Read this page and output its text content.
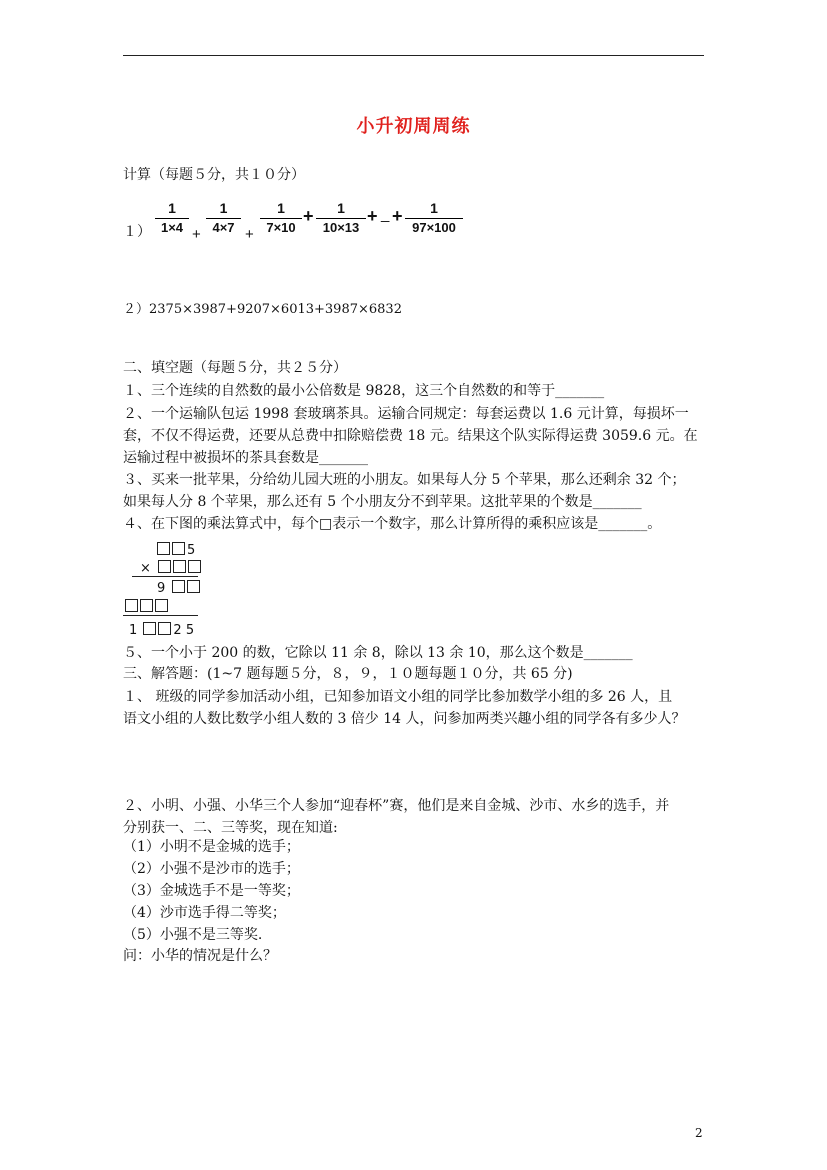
小升初周周练
计算（每题５分，共１０分）
１）
1
1×4 +
1
4×7 +
1
7×10
+	1
10×13
+ _ +	1
97×100
２）2375×3987+9207×6013+3987×6832
二、填空题（每题５分，共２５分）
１、三个连续的自然数的最小公倍数是 9828，这三个自然数的和等于_______
２、一个运输队包运 1998 套玻璃茶具。运输合同规定：每套运费以 1.6 元计算，每损坏一
套，不仅不得运费，还要从总费中扣除赔偿费 18 元。结果这个队实际得运费 3059.6 元。在
运输过程中被损坏的茶具套数是_______
３、买来一批苹果，分给幼儿园大班的小朋友。如果每人分 5 个苹果，那么还剩余 32 个；
如果每人分 8 个苹果，那么还有 5 个小朋友分不到苹果。这批苹果的个数是_______
４、在下图的乘法算式中，每个□表示一个数字，那么计算所得的乘积应该是_______。
5
×
9
1	2 5
５、一个小于 200 的数，它除以 11 余 8，除以 13 余 10，那么这个数是_______
三、解答题：(1~7 题每题５分，８，９，１０题每题１０分，共 65 分)
１、 班级的同学参加活动小组，已知参加语文小组的同学比参加数学小组的多 26 人，且
语文小组的人数比数学小组人数的 3 倍少 14 人，问参加两类兴趣小组的同学各有多少人？
２、小明、小强、小华三个人参加“迎春杯”赛，他们是来自金城、沙市、水乡的选手，并
分别获一、二、三等奖，现在知道:
（1）小明不是金城的选手；
（2）小强不是沙市的选手；
（3）金城选手不是一等奖；
（4）沙市选手得二等奖；
（5）小强不是三等奖.
问：小华的情况是什么？
2
